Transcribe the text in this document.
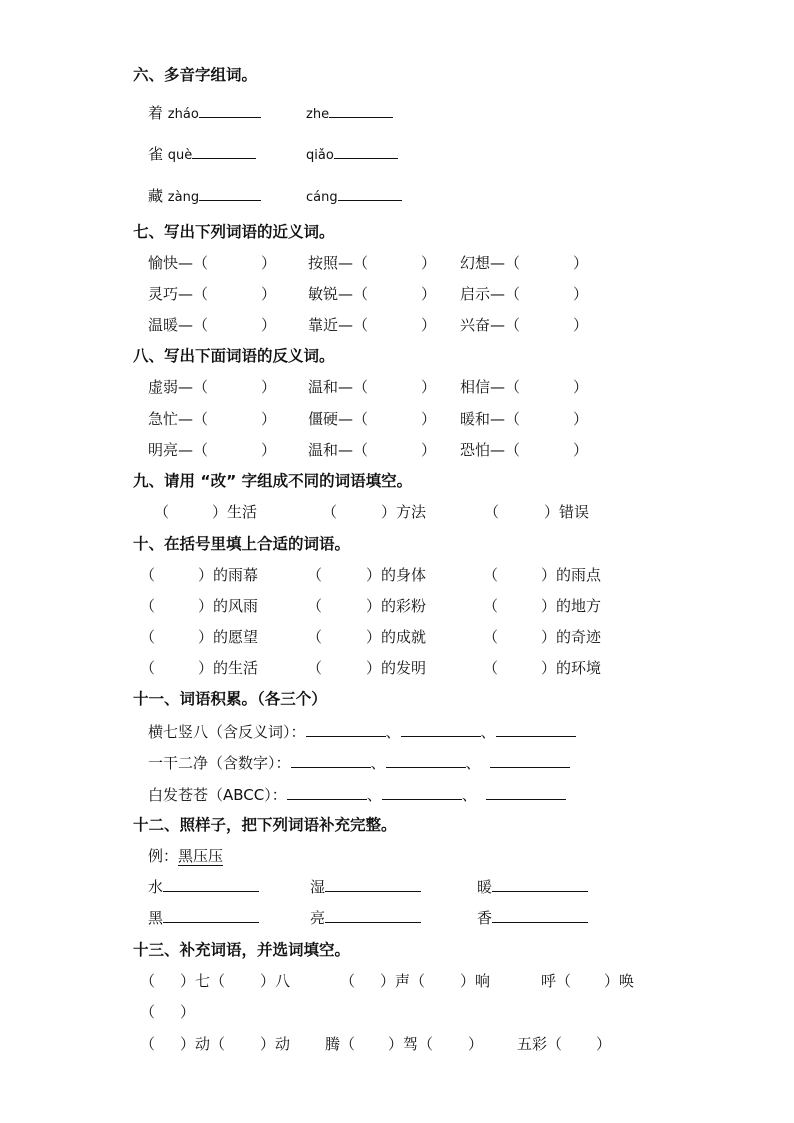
六、多音字组词。
着 zháo	zhe
雀 què	qiǎo
藏 zàng	cáng
七、写出下列词语的近义词。
愉快—（	） 按照—（	） 幻想—（	）
灵巧—（	） 敏锐—（	） 启示—（	）
温暖—（	） 靠近—（	） 兴奋—（	）
八、写出下面词语的反义词。
虚弱—（	） 温和—（	） 相信—（	）
急忙—（	） 僵硬—（	） 暖和—（	）
明亮—（	） 温和—（	） 恐怕—（	）
九、请用 “改” 字组成不同的词语填空。
（	）生活	（	）方法	（	）错误
十、在括号里填上合适的词语。
（	）的雨幕	（	）的身体	（	）的雨点
（	）的风雨	（	）的彩粉	（	）的地方
（	）的愿望	（	）的成就	（	）的奇迹
（	）的生活	（	）的发明	（	）的环境
十一、词语积累。（各三个）
横七竖八（含反义词）：	、	、
一干二净（含数字）：	、	、
白发苍苍（ABCC）：	、	、
十二、照样子，把下列词语补充完整。
例：黑压压
水	湿	暖
黑	亮	香
十三、补充词语，并选词填空。
（ ）七（ ）八	（ ）声（ ）响	呼（ ）唤
（ ）
（ ）动（ ）动 腾（ ）驾（ ） 五彩（ ）
